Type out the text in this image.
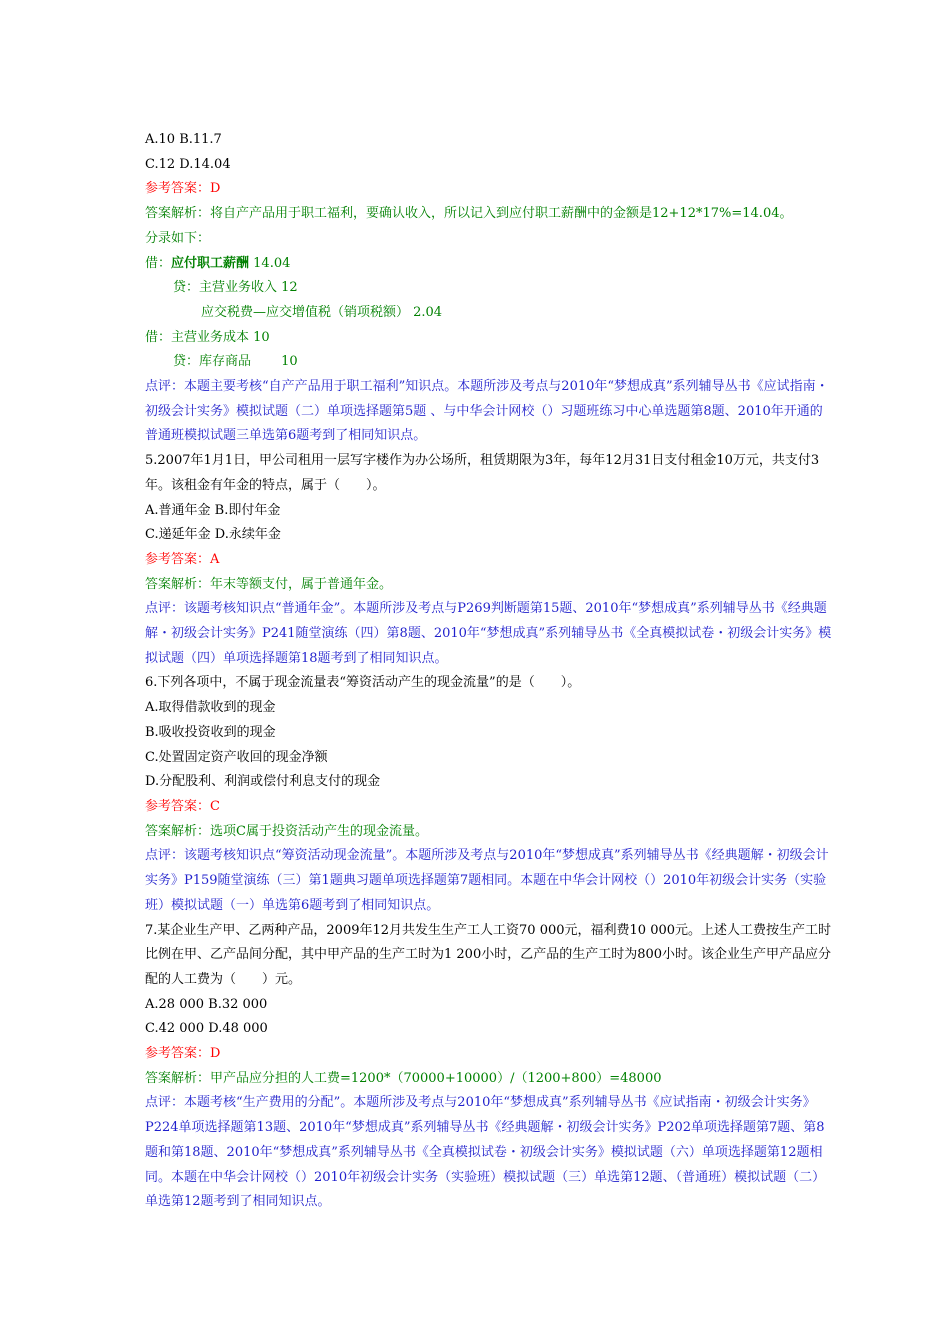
A.10 B.11.7
C.12 D.14.04
参考答案：D
答案解析：将自产产品用于职工福利，要确认收入，所以记入到应付职工薪酬中的金额是12+12*17%=14.04。
分录如下：
借：应付职工薪酬 14.04
贷：主营业务收入 12
应交税费—应交增值税（销项税额） 2.04
借：主营业务成本 10
贷：库存商品　　 10
点评：本题主要考核“自产产品用于职工福利”知识点。本题所涉及考点与2010年“梦想成真”系列辅导丛书《应试指南・初级会计实务》模拟试题（二）单项选择题第5题 、与中华会计网校（）习题班练习中心单选题第8题、2010年开通的普通班模拟试题三单选第6题考到了相同知识点。
5.2007年1月1日，甲公司租用一层写字楼作为办公场所，租赁期限为3年，每年12月31日支付租金10万元，共支付3年。该租金有年金的特点，属于（　　）。
A.普通年金 B.即付年金
C.递延年金 D.永续年金
参考答案：A
答案解析：年末等额支付，属于普通年金。
点评：该题考核知识点“普通年金”。本题所涉及考点与P269判断题第15题、2010年“梦想成真”系列辅导丛书《经典题解・初级会计实务》P241随堂演练（四）第8题、2010年“梦想成真”系列辅导丛书《全真模拟试卷・初级会计实务》模拟试题（四）单项选择题第18题考到了相同知识点。
6.下列各项中，不属于现金流量表“筹资活动产生的现金流量”的是（　　）。
A.取得借款收到的现金
B.吸收投资收到的现金
C.处置固定资产收回的现金净额
D.分配股利、利润或偿付利息支付的现金
参考答案：C
答案解析：选项C属于投资活动产生的现金流量。
点评：该题考核知识点“筹资活动现金流量”。本题所涉及考点与2010年“梦想成真”系列辅导丛书《经典题解・初级会计实务》P159随堂演练（三）第1题典习题单项选择题第7题相同。本题在中华会计网校（）2010年初级会计实务（实验班）模拟试题（一）单选第6题考到了相同知识点。
7.某企业生产甲、乙两种产品，2009年12月共发生生产工人工资70 000元，福利费10 000元。上述人工费按生产工时比例在甲、乙产品间分配，其中甲产品的生产工时为1 200小时，乙产品的生产工时为800小时。该企业生产甲产品应分配的人工费为（　　）元。
A.28 000 B.32 000
C.42 000 D.48 000
参考答案：D
答案解析：甲产品应分担的人工费=1200*（70000+10000）/（1200+800）=48000
点评：本题考核“生产费用的分配”。本题所涉及考点与2010年“梦想成真”系列辅导丛书《应试指南・初级会计实务》P224单项选择题第13题、2010年“梦想成真”系列辅导丛书《经典题解・初级会计实务》P202单项选择题第7题、第8题和第18题、2010年“梦想成真”系列辅导丛书《全真模拟试卷・初级会计实务》模拟试题（六）单项选择题第12题相同。本题在中华会计网校（）2010年初级会计实务（实验班）模拟试题（三）单选第12题、（普通班）模拟试题（二）单选第12题考到了相同知识点。
